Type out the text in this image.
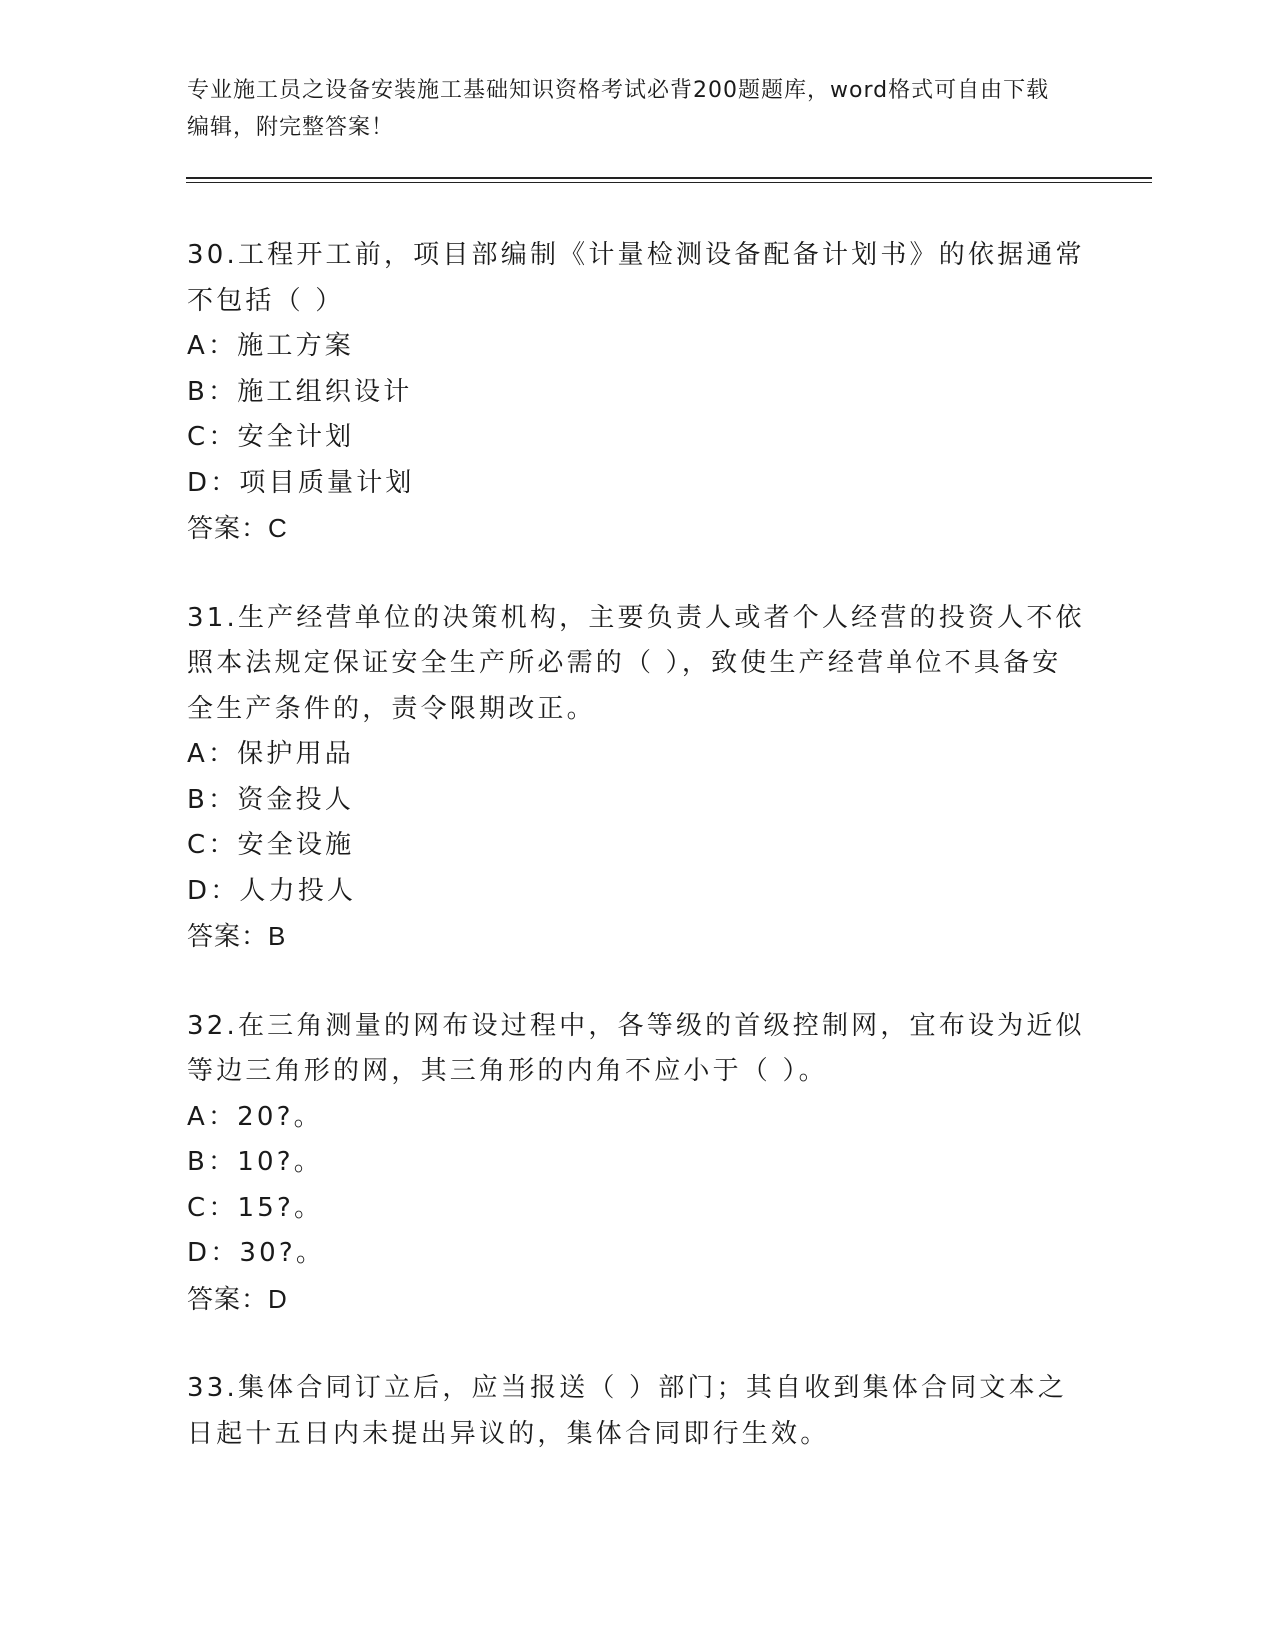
专业施工员之设备安装施工基础知识资格考试必背200题题库，word格式可自由下载编辑，附完整答案！
30.工程开工前，项目部编制《计量检测设备配备计划书》的依据通常不包括（ ）
A：施工方案
B：施工组织设计
C：安全计划
D：项目质量计划
答案：C
31.生产经营单位的决策机构，主要负责人或者个人经营的投资人不依照本法规定保证安全生产所必需的（ ），致使生产经营单位不具备安全生产条件的，责令限期改正。
A：保护用品
B：资金投人
C：安全设施
D：人力投人
答案：B
32.在三角测量的网布设过程中，各等级的首级控制网，宜布设为近似等边三角形的网，其三角形的内角不应小于（ ）。
A：20?。
B：10?。
C：15?。
D：30?。
答案：D
33.集体合同订立后，应当报送（ ）部门；其自收到集体合同文本之日起十五日内未提出异议的，集体合同即行生效。
